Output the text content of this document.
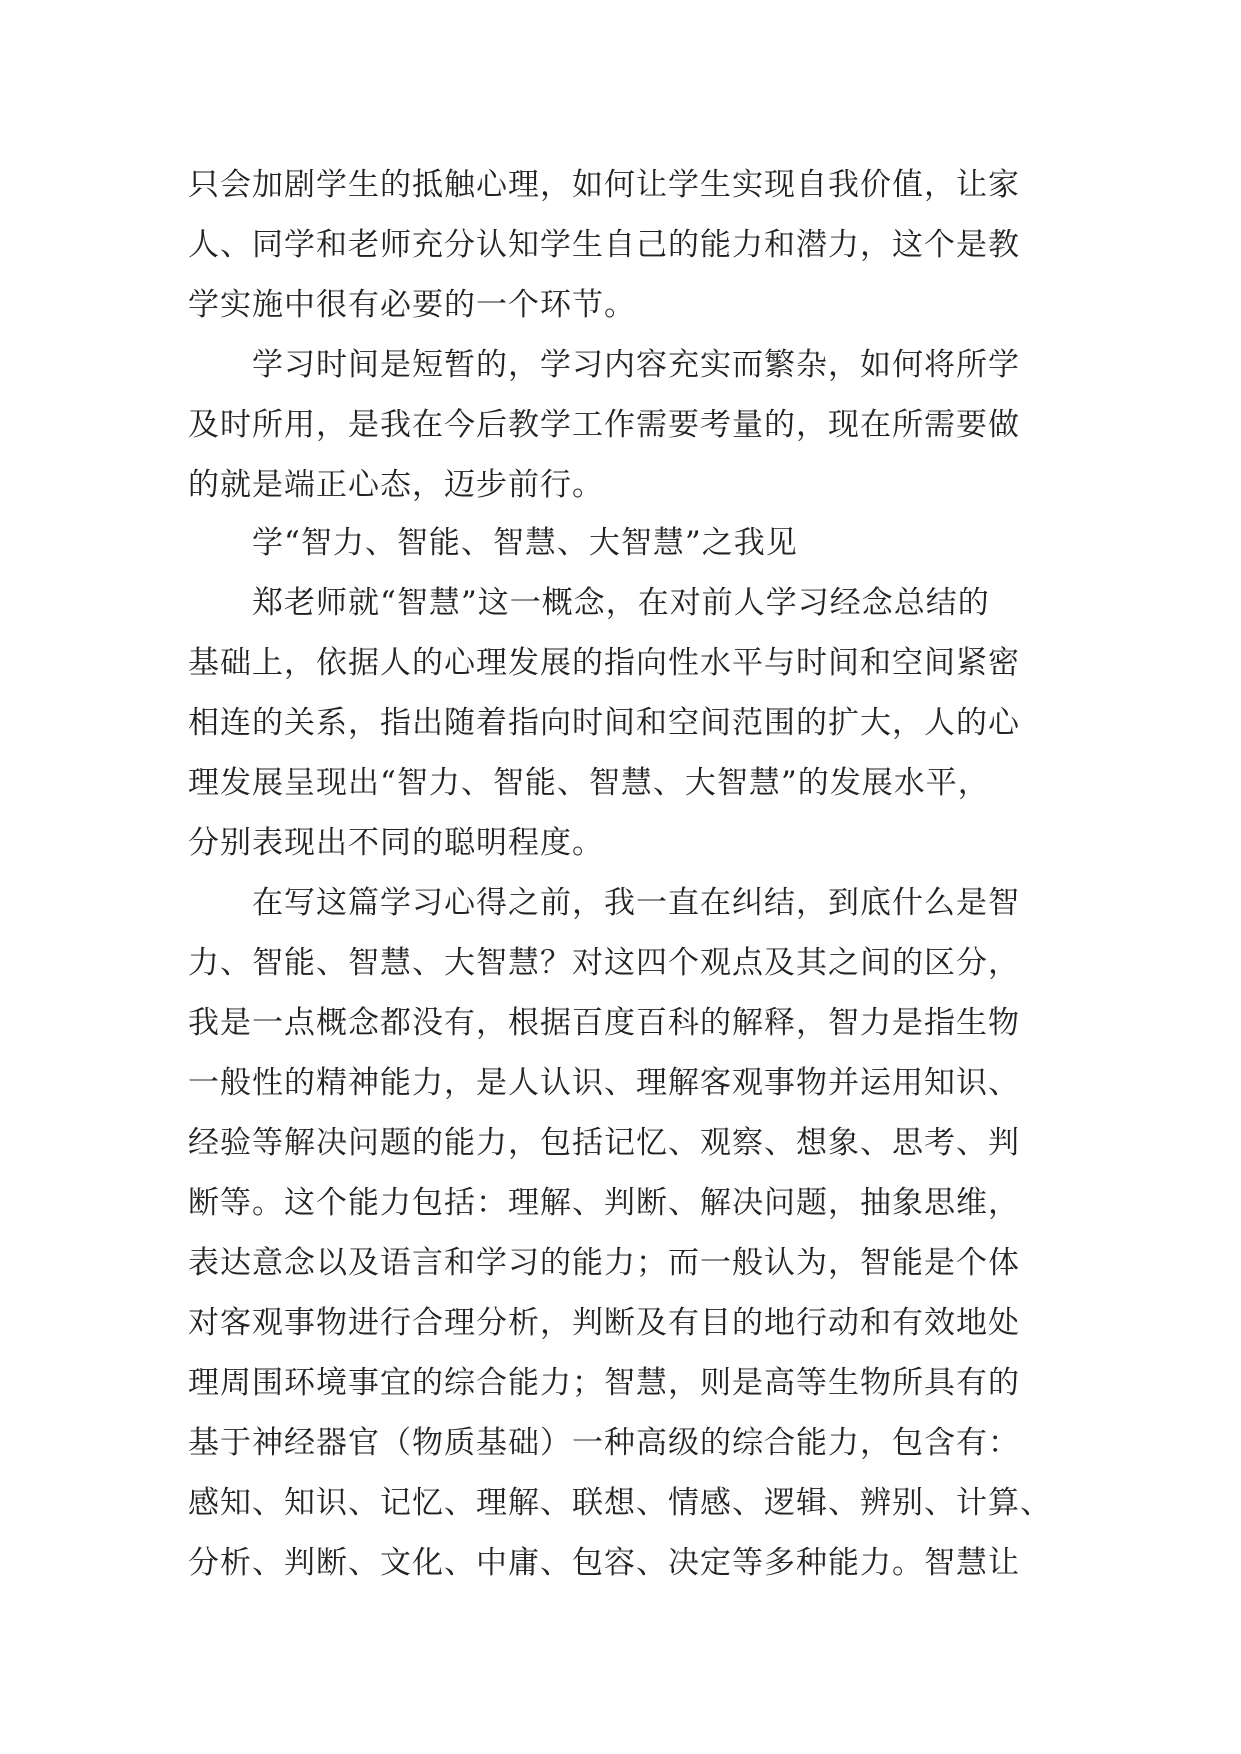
只会加剧学生的抵触心理，如何让学生实现自我价值，让家
人、同学和老师充分认知学生自己的能力和潜力，这个是教
学实施中很有必要的一个环节。
学习时间是短暂的，学习内容充实而繁杂，如何将所学
及时所用，是我在今后教学工作需要考量的，现在所需要做
的就是端正心态，迈步前行。
学“智力、智能、智慧、大智慧”之我见
郑老师就“智慧”这一概念，在对前人学习经念总结的
基础上，依据人的心理发展的指向性水平与时间和空间紧密
相连的关系，指出随着指向时间和空间范围的扩大，人的心
理发展呈现出“智力、智能、智慧、大智慧”的发展水平，
分别表现出不同的聪明程度。
在写这篇学习心得之前，我一直在纠结，到底什么是智
力、智能、智慧、大智慧？对这四个观点及其之间的区分，
我是一点概念都没有，根据百度百科的解释，智力是指生物
一般性的精神能力，是人认识、理解客观事物并运用知识、
经验等解决问题的能力，包括记忆、观察、想象、思考、判
断等。这个能力包括：理解、判断、解决问题，抽象思维，
表达意念以及语言和学习的能力；而一般认为，智能是个体
对客观事物进行合理分析，判断及有目的地行动和有效地处
理周围环境事宜的综合能力；智慧，则是高等生物所具有的
基于神经器官（物质基础）一种高级的综合能力，包含有：
感知、知识、记忆、理解、联想、情感、逻辑、辨别、计算、
分析、判断、文化、中庸、包容、决定等多种能力。智慧让
